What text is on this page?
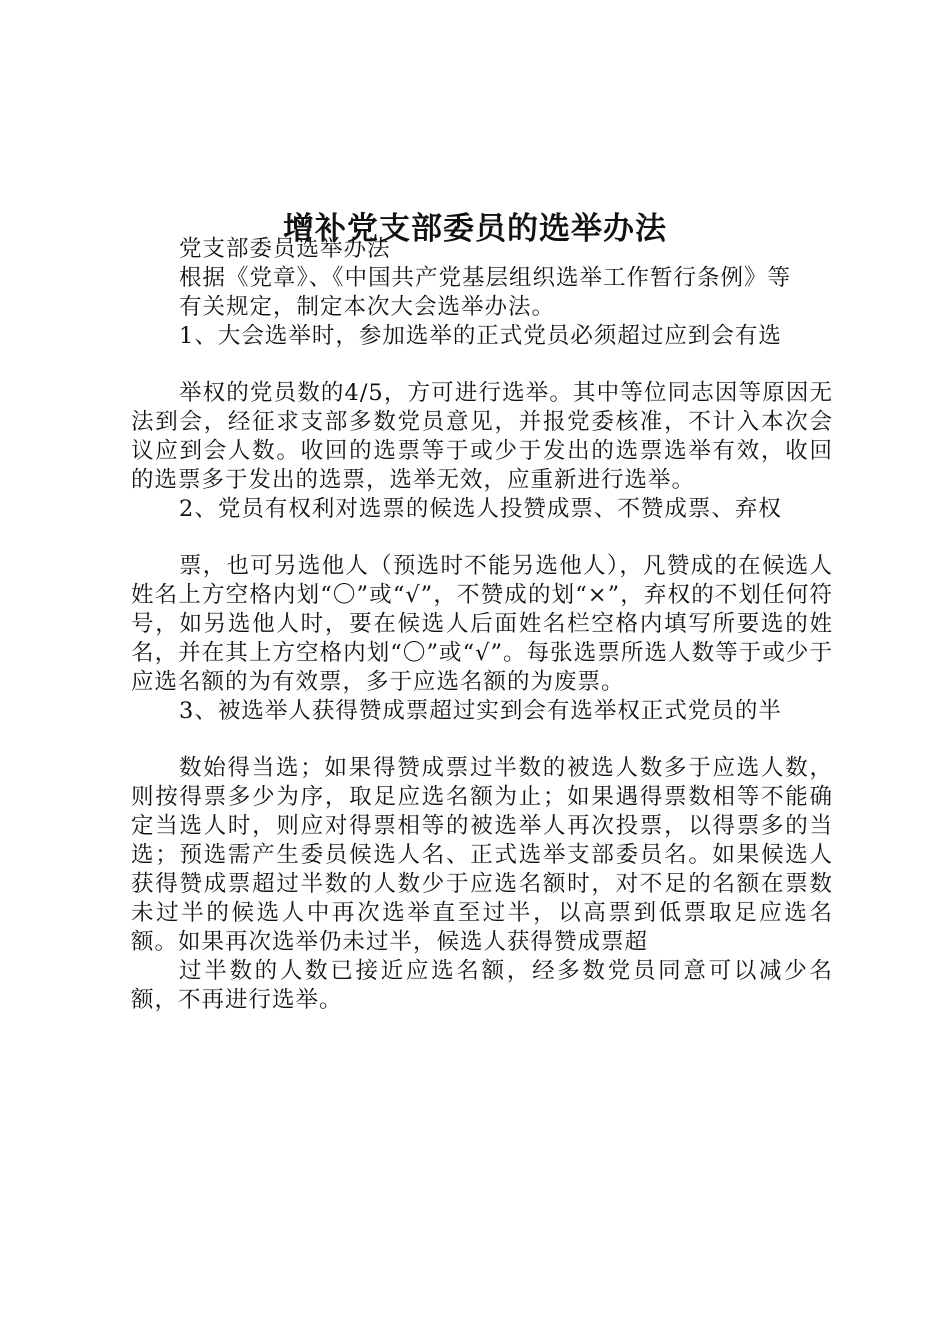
增补党支部委员的选举办法

党支部委员选举办法

根据《党章》、《中国共产党基层组织选举工作暂行条例》等

有关规定，制定本次大会选举办法。

1、大会选举时，参加选举的正式党员必须超过应到会有选

举权的党员数的4/5，方可进行选举。其中等位同志因等原因无法到会，经征求支部多数党员意见，并报党委核准，不计入本次会议应到会人数。收回的选票等于或少于发出的选票选举有效，收回的选票多于发出的选票，选举无效，应重新进行选举。

2、党员有权利对选票的候选人投赞成票、不赞成票、弃权

票，也可另选他人（预选时不能另选他人），凡赞成的在候选人姓名上方空格内划“〇”或“√”，不赞成的划“×”，弃权的不划任何符号，如另选他人时，要在候选人后面姓名栏空格内填写所要选的姓名，并在其上方空格内划“〇”或“√”。每张选票所选人数等于或少于应选名额的为有效票，多于应选名额的为废票。

3、被选举人获得赞成票超过实到会有选举权正式党员的半

数始得当选；如果得赞成票过半数的被选人数多于应选人数，则按得票多少为序，取足应选名额为止；如果遇得票数相等不能确定当选人时，则应对得票相等的被选举人再次投票，以得票多的当选；预选需产生委员候选人名、正式选举支部委员名。如果候选人获得赞成票超过半数的人数少于应选名额时，对不足的名额在票数未过半的候选人中再次选举直至过半，以高票到低票取足应选名额。如果再次选举仍未过半，候选人获得赞成票超

过半数的人数已接近应选名额，经多数党员同意可以减少名额，不再进行选举。
